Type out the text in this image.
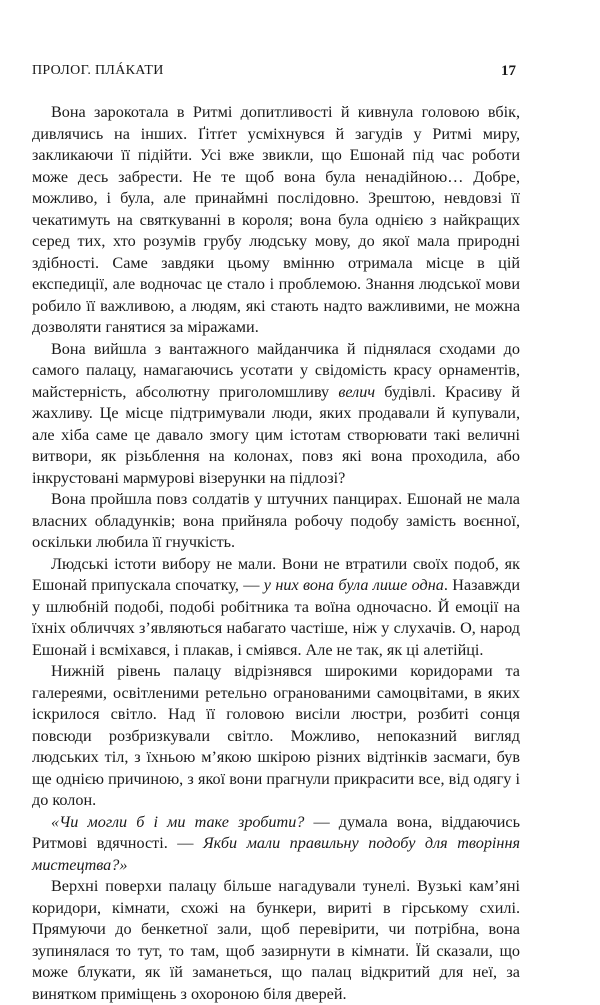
ПРОЛОГ. ПЛÁКАТИ	17

Вона зарокотала в Ритмі допитливості й кивнула головою вбік, дивлячись на інших. Ґітґет усміхнувся й загудів у Ритмі миру, закликаючи її підійти. Усі вже звикли, що Ешонай під час роботи може десь забрести. Не те щоб вона була ненадійною… Добре, можливо, і була, але принаймні послідовно. Зрештою, невдовзі її чекатимуть на святкуванні в короля; вона була однією з найкращих серед тих, хто розумів грубу людську мову, до якої мала природні здібності. Саме завдяки цьому вмінню отримала місце в цій експедиції, але водночас це стало і проблемою. Знання людської мови робило її важливою, а людям, які стають надто важливими, не можна дозволяти ганятися за міражами.

Вона вийшла з вантажного майданчика й піднялася сходами до самого палацу, намагаючись усотати у свідомість красу орнаментів, майстерність, абсолютну приголомшливу велич будівлі. Красиву й жахливу. Це місце підтримували люди, яких продавали й купували, але хіба саме це давало змогу цим істотам створювати такі величні витвори, як різьблення на колонах, повз які вона проходила, або інкрустовані мармурові візерунки на підлозі?

Вона пройшла повз солдатів у штучних панцирах. Ешонай не мала власних обладунків; вона прийняла робочу подобу замість воєнної, оскільки любила її гнучкість.

Людські істоти вибору не мали. Вони не втратили своїх подоб, як Ешонай припускала спочатку, — у них вона була лише одна. Назавжди у шлюбній подобі, подобі робітника та воїна одночасно. Й емоції на їхніх обличчях з’являються набагато частіше, ніж у слухачів. О, народ Ешонай і всміхався, і плакав, і сміявся. Але не так, як ці алетійці.

Нижній рівень палацу відрізнявся широкими коридорами та галереями, освітленими ретельно огранованими самоцвітами, в яких іскрилося світло. Над її головою висіли люстри, розбиті сонця повсюди розбризкували світло. Можливо, непоказний вигляд людських тіл, з їхньою м’якою шкірою різних відтінків засмаги, був ще однією причиною, з якої вони прагнули прикрасити все, від одягу і до колон.

«Чи могли б і ми таке зробити? — думала вона, віддаючись Ритмові вдячності. — Якби мали правильну подобу для творіння мистецтва?»

Верхні поверхи палацу більше нагадували тунелі. Вузькі кам’яні коридори, кімнати, схожі на бункери, вириті в гірському схилі. Прямуючи до бенкетної зали, щоб перевірити, чи потрібна, вона зупинялася то тут, то там, щоб зазирнути в кімнати. Їй сказали, що може блукати, як їй заманеться, що палац відкритий для неї, за винятком приміщень з охороною біля дверей.
